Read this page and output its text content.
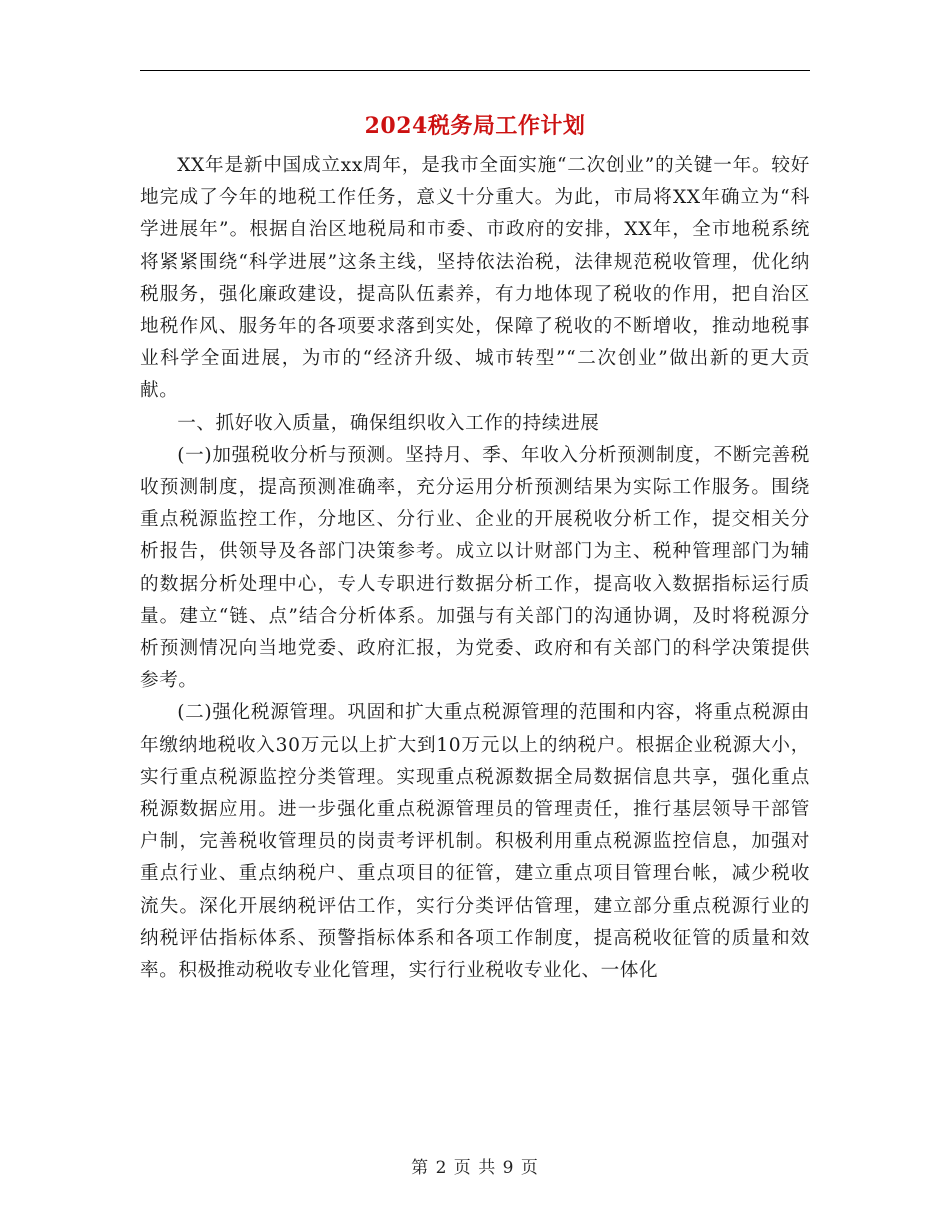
2024税务局工作计划

XX年是新中国成立xx周年，是我市全面实施“二次创业”的关键一年。较好地完成了今年的地税工作任务，意义十分重大。为此，市局将XX年确立为“科学进展年”。根据自治区地税局和市委、市政府的安排，XX年，全市地税系统将紧紧围绕“科学进展”这条主线，坚持依法治税，法律规范税收管理，优化纳税服务，强化廉政建设，提高队伍素养，有力地体现了税收的作用，把自治区地税作风、服务年的各项要求落到实处，保障了税收的不断增收，推动地税事业科学全面进展，为市的“经济升级、城市转型”“二次创业”做出新的更大贡献。

一、抓好收入质量，确保组织收入工作的持续进展

(一)加强税收分析与预测。坚持月、季、年收入分析预测制度，不断完善税收预测制度，提高预测准确率，充分运用分析预测结果为实际工作服务。围绕重点税源监控工作，分地区、分行业、企业的开展税收分析工作，提交相关分析报告，供领导及各部门决策参考。成立以计财部门为主、税种管理部门为辅的数据分析处理中心，专人专职进行数据分析工作，提高收入数据指标运行质量。建立“链、点”结合分析体系。加强与有关部门的沟通协调，及时将税源分析预测情况向当地党委、政府汇报，为党委、政府和有关部门的科学决策提供参考。

(二)强化税源管理。巩固和扩大重点税源管理的范围和内容，将重点税源由年缴纳地税收入30万元以上扩大到10万元以上的纳税户。根据企业税源大小，实行重点税源监控分类管理。实现重点税源数据全局数据信息共享，强化重点税源数据应用。进一步强化重点税源管理员的管理责任，推行基层领导干部管户制，完善税收管理员的岗责考评机制。积极利用重点税源监控信息，加强对重点行业、重点纳税户、重点项目的征管，建立重点项目管理台帐，减少税收流失。深化开展纳税评估工作，实行分类评估管理，建立部分重点税源行业的纳税评估指标体系、预警指标体系和各项工作制度，提高税收征管的质量和效率。积极推动税收专业化管理，实行行业税收专业化、一体化

第 2 页 共 9 页
